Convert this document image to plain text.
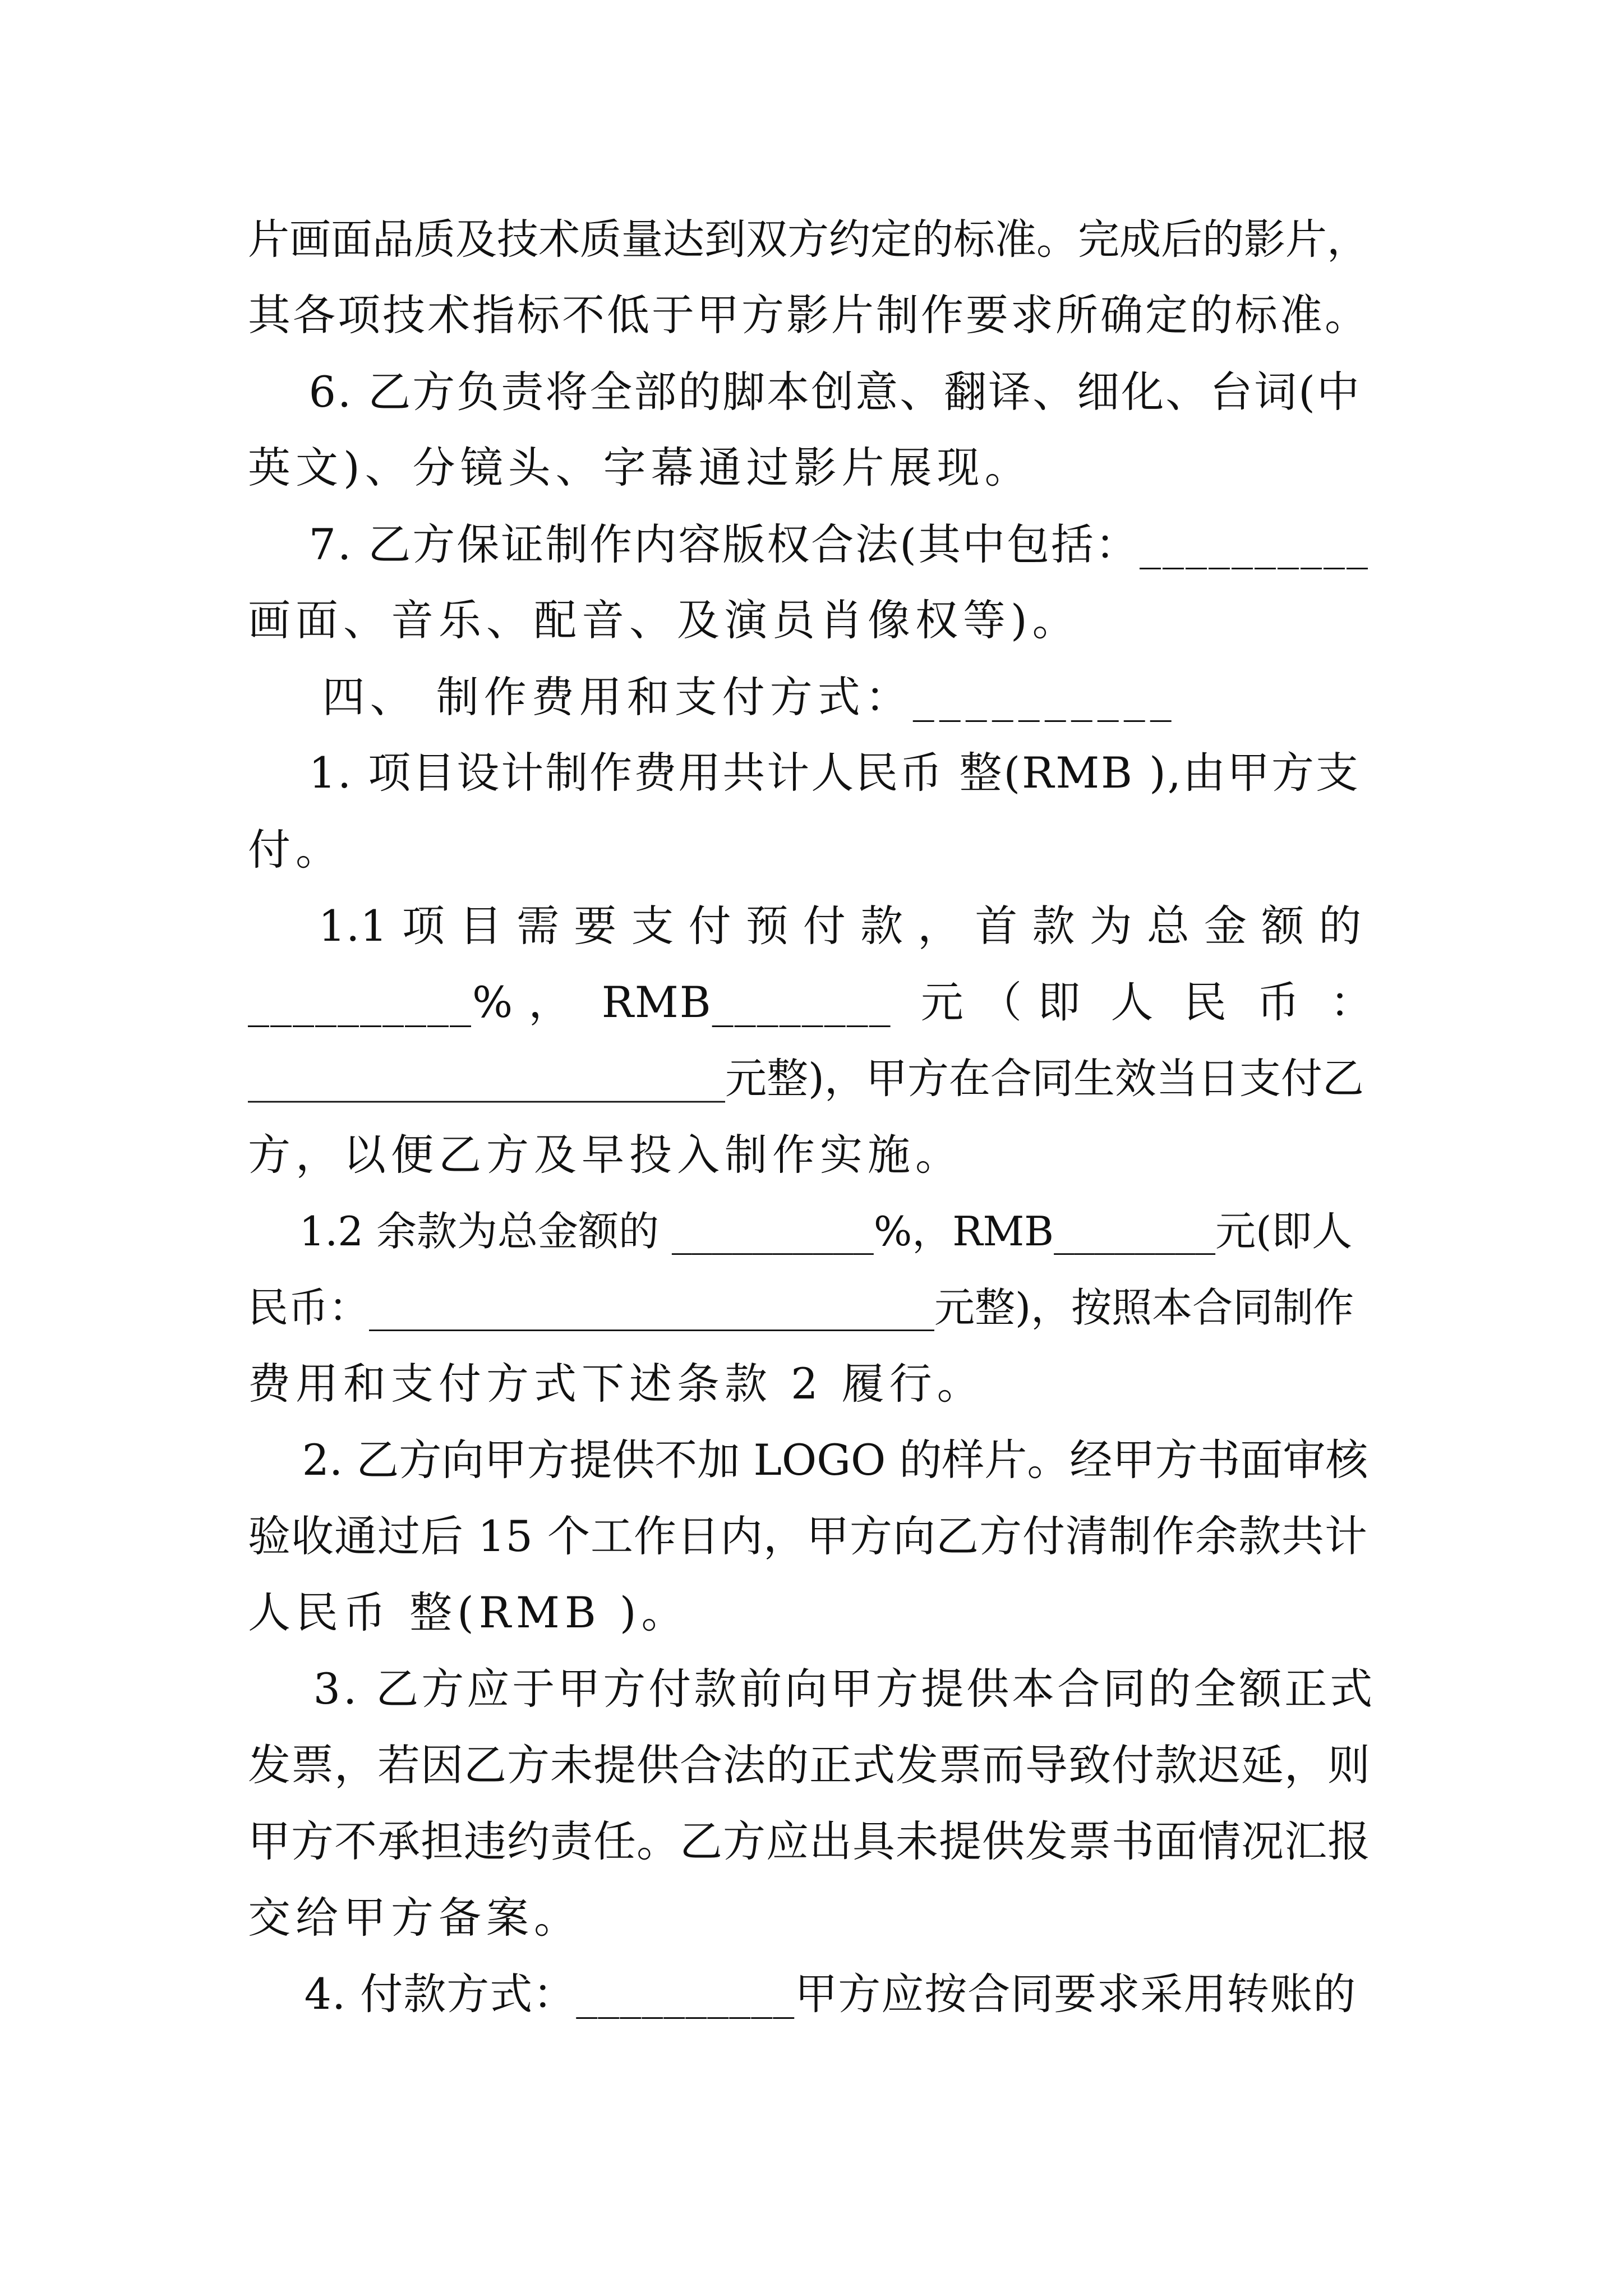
片画面品质及技术质量达到双方约定的标准。完成后的影片，

其各项技术指标不低于甲方影片制作要求所确定的标准。

6. 乙方负责将全部的脚本创意、翻译、细化、台词(中

英文)、分镜头、字幕通过影片展现。

7. 乙方保证制作内容版权合法(其中包括：__________

画面、音乐、配音、及演员肖像权等)。

四、 制作费用和支付方式：__________

1. 项目设计制作费用共计人民币 整(RMB ),由甲方支

付。

1.1 项 目 需 要 支 付 预 付 款 ， 首 款 为 总 金 额 的

__________% ，  RMB________  元 （ 即  人  民  币  ：

_______________________元整)，甲方在合同生效当日支付乙

方，以便乙方及早投入制作实施。

1.2 余款为总金额的 __________%，RMB________元(即人

民币：____________________________元整)，按照本合同制作

费用和支付方式下述条款 2 履行。

2. 乙方向甲方提供不加 LOGO 的样片。经甲方书面审核

验收通过后 15 个工作日内，甲方向乙方付清制作余款共计

人民币 整(RMB )。

3. 乙方应于甲方付款前向甲方提供本合同的全额正式

发票，若因乙方未提供合法的正式发票而导致付款迟延，则

甲方不承担违约责任。乙方应出具未提供发票书面情况汇报

交给甲方备案。

4. 付款方式：__________甲方应按合同要求采用转账的
